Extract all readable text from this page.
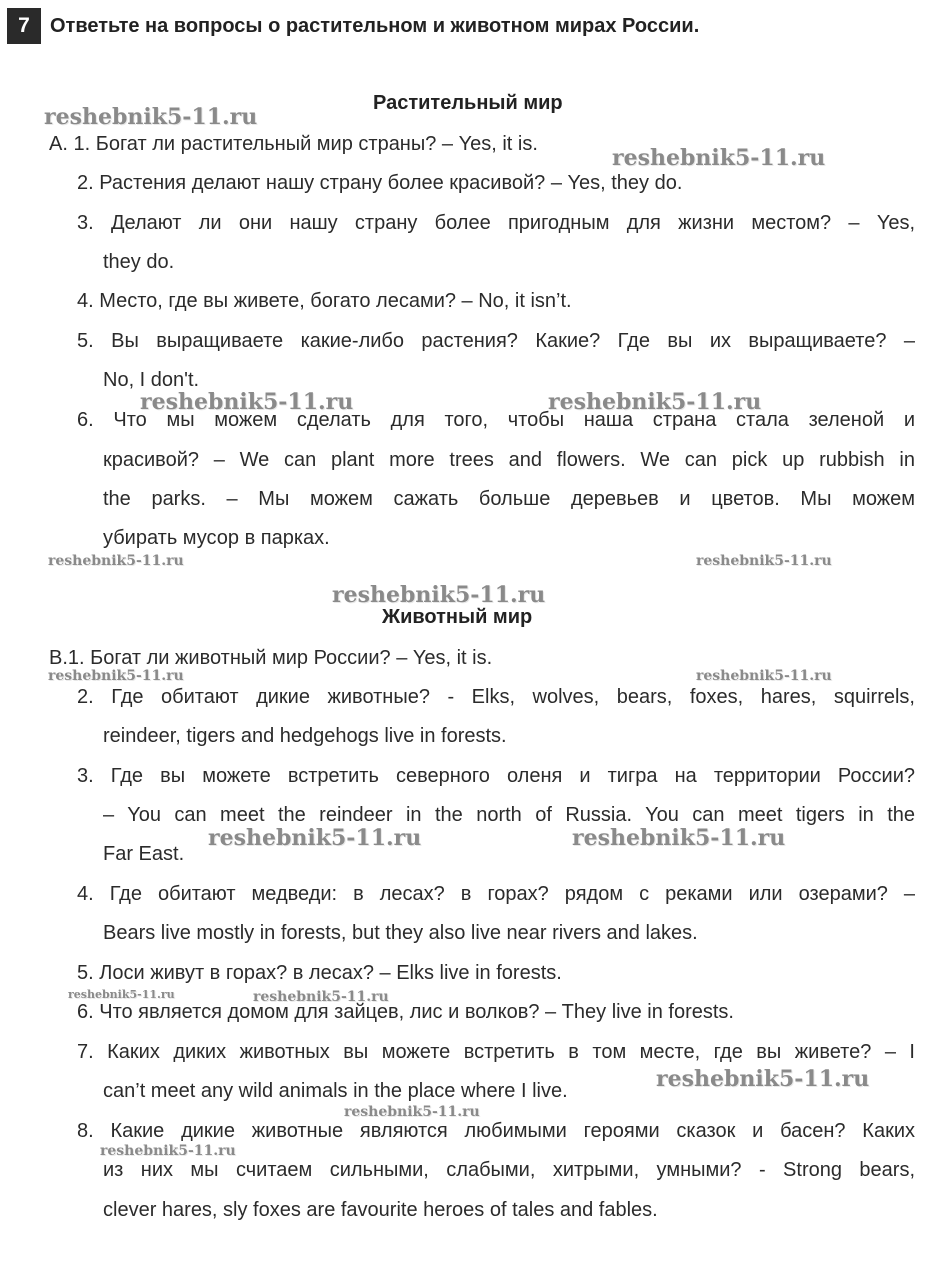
7	Ответьте на вопросы о растительном и животном мирах России.
Растительный мир
A. 1. Богат ли растительный мир страны? – Yes, it is.
2. Растения делают нашу страну более красивой? – Yes, they do.
3. Делают ли они нашу страну более пригодным для жизни местом? – Yes,
they do.
4. Место, где вы живете, богато лесами? – No, it isn’t.
5. Вы выращиваете какие-либо растения? Какие? Где вы их выращиваете? –
No, I don't.
6. Что мы можем сделать для того, чтобы наша страна стала зеленой и
красивой? – We can plant more trees and flowers. We can pick up rubbish in
the parks. – Мы можем сажать больше деревьев и цветов. Мы можем
убирать мусор в парках.
Животный мир
B.1. Богат ли животный мир России? – Yes, it is.
2. Где обитают дикие животные? - Elks, wolves, bears, foxes, hares, squirrels,
reindeer, tigers and hedgehogs live in forests.
3. Где вы можете встретить северного оленя и тигра на территории России?
– You can meet the reindeer in the north of Russia. You can meet tigers in the
Far East.
4. Где обитают медведи: в лесах? в горах? рядом с реками или озерами? –
Bears live mostly in forests, but they also live near rivers and lakes.
5. Лоси живут в горах? в лесах? – Elks live in forests.
6. Что является домом для зайцев, лис и волков? – They live in forests.
7. Каких диких животных вы можете встретить в том месте, где вы живете? – I
can’t meet any wild animals in the place where I live.
8. Какие дикие животные являются любимыми героями сказок и басен? Каких
из них мы считаем сильными, слабыми, хитрыми, умными? - Strong bears,
clever hares, sly foxes are favourite heroes of tales and fables.
reshebnik5-11.ru
reshebnik5-11.ru
reshebnik5-11.ru	reshebnik5-11.ru
reshebnik5-11.ru	reshebnik5-11.ru
reshebnik5-11.ru
reshebnik5-11.ru	reshebnik5-11.ru
reshebnik5-11.ru	reshebnik5-11.ru
reshebnik5-11.ru	reshebnik5-11.ru
reshebnik5-11.ru
reshebnik5-11.ru
reshebnik5-11.ru
